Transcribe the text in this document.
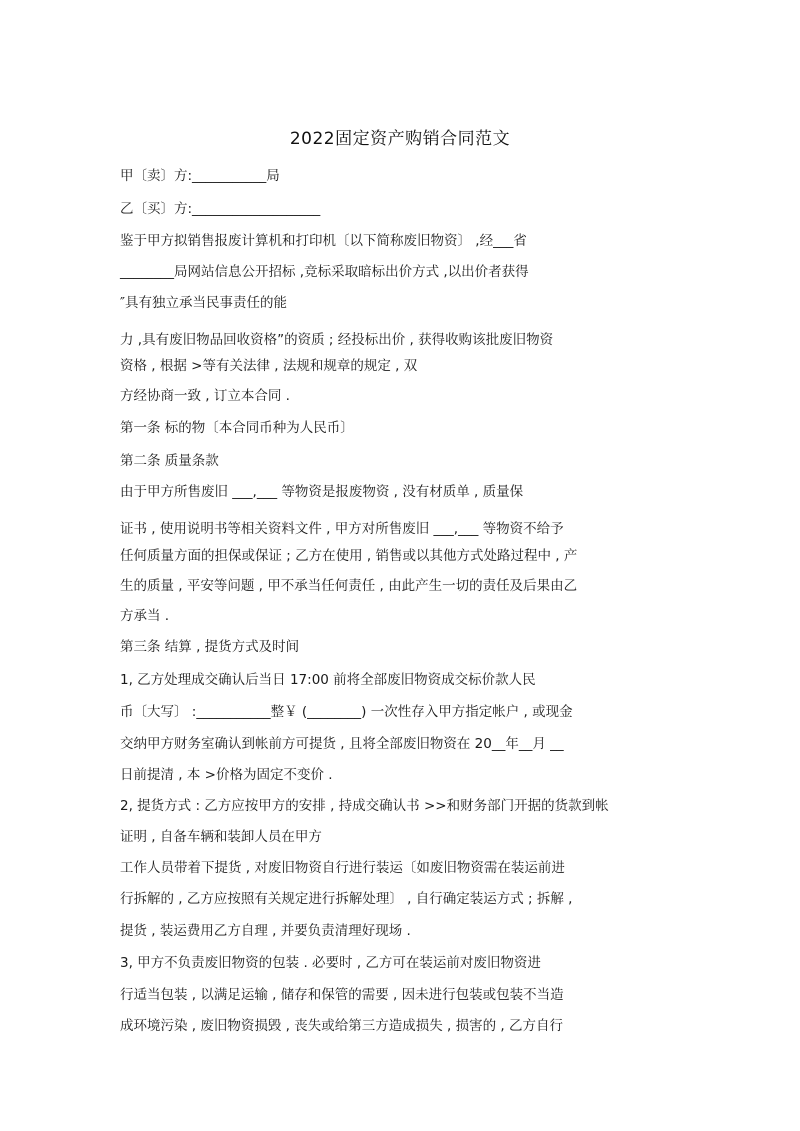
2022固定资产购销合同范文
甲〔卖〕方:___________局
乙〔买〕方:___________________
鉴于甲方拟销售报废计算机和打印机〔以下简称废旧物资〕 ,经___省
________局网站信息公开招标 ,竞标采取暗标出价方式 ,以出价者获得
″具有独立承当民事责任的能
力 ,具有废旧物品回收资格”的资质 ; 经投标出价 , 获得收购该批废旧物资
资格 , 根据 >等有关法律 , 法规和规章的规定 , 双
方经协商一致 , 订立本合同 .
第一条 标的物〔本合同币种为人民币〕
第二条 质量条款
由于甲方所售废旧 ___,___ 等物资是报废物资 , 没有材质单 , 质量保
证书 , 使用说明书等相关资料文件 , 甲方对所售废旧 ___,___ 等物资不给予
任何质量方面的担保或保证 ; 乙方在使用 , 销售或以其他方式处路过程中 , 产
生的质量 , 平安等问题 , 甲不承当任何责任 , 由此产生一切的责任及后果由乙
方承当 .
第三条 结算 , 提货方式及时间
1, 乙方处理成交确认后当日 17:00 前将全部废旧物资成交标价款人民
币〔大写〕 :___________整￥ (________) 一次性存入甲方指定帐户 , 或现金
交纳甲方财务室确认到帐前方可提货 , 且将全部废旧物资在 20__年__月 __
日前提清 , 本 >价格为固定不变价 .
2, 提货方式 : 乙方应按甲方的安排 , 持成交确认书 >>和财务部门开据的货款到帐
证明 , 自备车辆和装卸人员在甲方
工作人员带着下提货 , 对废旧物资自行进行装运〔如废旧物资需在装运前进
行拆解的 , 乙方应按照有关规定进行拆解处理〕 , 自行确定装运方式 ; 拆解 ,
提货 , 装运费用乙方自理 , 并要负责清理好现场 .
3, 甲方不负责废旧物资的包装 . 必要时 , 乙方可在装运前对废旧物资进
行适当包装 , 以满足运输 , 储存和保管的需要 , 因未进行包装或包装不当造
成环境污染 , 废旧物资损毁 , 丧失或给第三方造成损失 , 损害的 , 乙方自行
